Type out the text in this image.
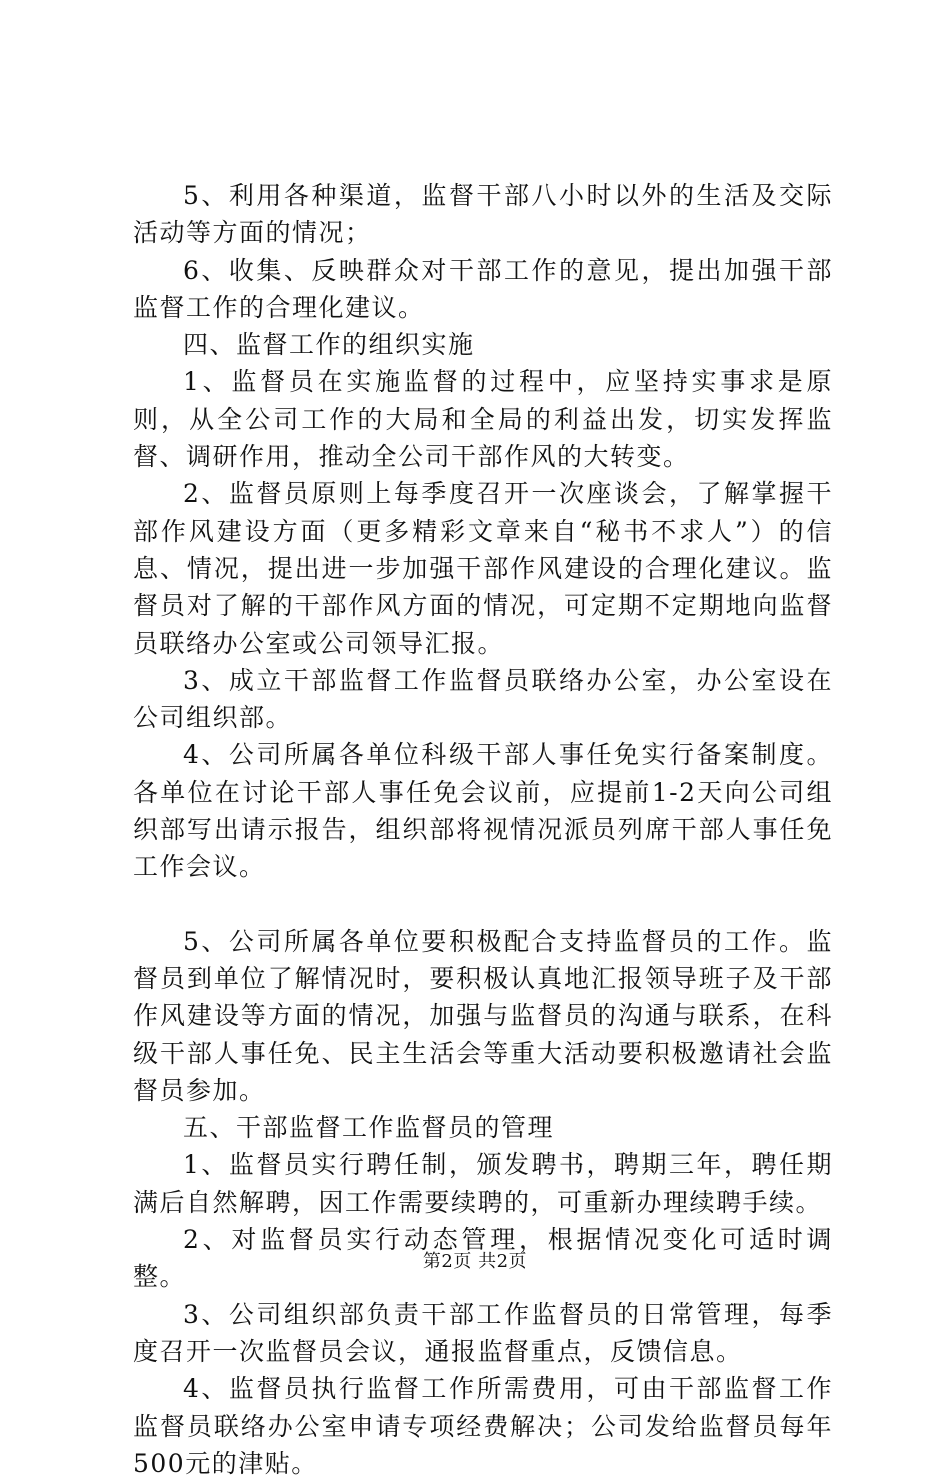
5、利用各种渠道，监督干部八小时以外的生活及交际活动等方面的情况；

6、收集、反映群众对干部工作的意见，提出加强干部监督工作的合理化建议。

四、监督工作的组织实施

1、监督员在实施监督的过程中，应坚持实事求是原则，从全公司工作的大局和全局的利益出发，切实发挥监督、调研作用，推动全公司干部作风的大转变。

2、监督员原则上每季度召开一次座谈会，了解掌握干部作风建设方面（更多精彩文章来自“秘书不求人”）的信息、情况，提出进一步加强干部作风建设的合理化建议。监督员对了解的干部作风方面的情况，可定期不定期地向监督员联络办公室或公司领导汇报。

3、成立干部监督工作监督员联络办公室，办公室设在公司组织部。

4、公司所属各单位科级干部人事任免实行备案制度。各单位在讨论干部人事任免会议前，应提前1-2天向公司组织部写出请示报告，组织部将视情况派员列席干部人事任免工作会议。

5、公司所属各单位要积极配合支持监督员的工作。监督员到单位了解情况时，要积极认真地汇报领导班子及干部作风建设等方面的情况，加强与监督员的沟通与联系，在科级干部人事任免、民主生活会等重大活动要积极邀请社会监督员参加。

五、干部监督工作监督员的管理

1、监督员实行聘任制，颁发聘书，聘期三年，聘任期满后自然解聘，因工作需要续聘的，可重新办理续聘手续。

2、对监督员实行动态管理，根据情况变化可适时调整。

3、公司组织部负责干部工作监督员的日常管理，每季度召开一次监督员会议，通报监督重点，反馈信息。

4、监督员执行监督工作所需费用，可由干部监督工作监督员联络办公室申请专项经费解决；公司发给监督员每年500元的津贴。

第2页 共2页
